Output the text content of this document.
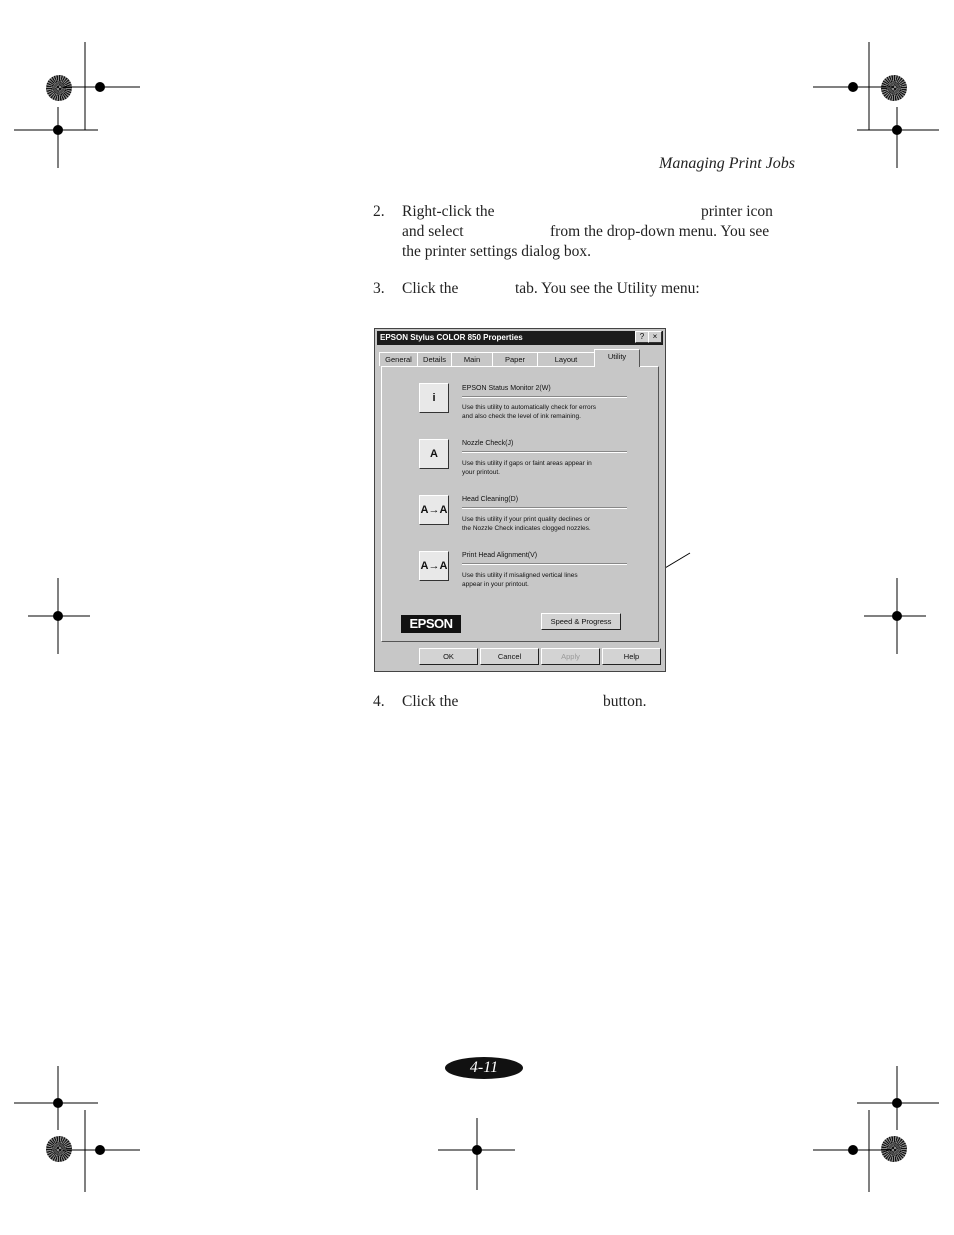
Managing Print Jobs
2. Right-click the	printer icon
and select	from the drop-down menu. You see
the printer settings dialog box.
3. Click the	tab. You see the Utility menu:
EPSON Stylus COLOR 850 Properties	?	×
General	Details	Main	Paper	Layout	Utility
i
EPSON Status Monitor 2(W)
Use this utility to automatically check for errors
and also check the level of ink remaining.
A
Nozzle Check(J)
Use this utility if gaps or faint areas appear in
your printout.
A→A
Head Cleaning(D)
Use this utility if your print quality declines or
the Nozzle Check indicates clogged nozzles.
A→A
Print Head Alignment(V)
Use this utility if misaligned vertical lines
appear in your printout.
EPSON	Speed & Progress
OK	Cancel	Apply	Help
4. Click the	button.
4-11
